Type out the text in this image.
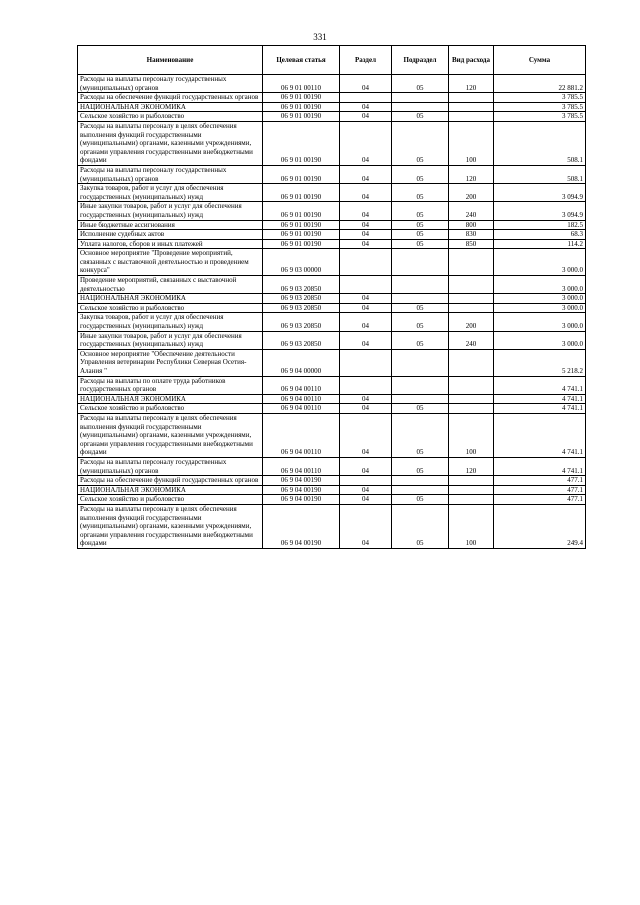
331
Наименование	Целевая статья	Раздел	Подраздел	Вид расхода	Сумма
Расходы на выплаты персоналу государственных (муниципальных) органов	06 9 01 00110	04	05	120	22 881.2
Расходы на обеспечение функций государственных органов	06 9 01 00190				3 785.5
НАЦИОНАЛЬНАЯ ЭКОНОМИКА	06 9 01 00190	04			3 785.5
Сельское хозяйство и рыболовство	06 9 01 00190	04	05		3 785.5
Расходы на выплаты персоналу в целях обеспечения выполнения функций государственными (муниципальными) органами, казенными учреждениями, органами управления государственными внебюджетными фондами	06 9 01 00190	04	05	100	508.1
Расходы на выплаты персоналу государственных (муниципальных) органов	06 9 01 00190	04	05	120	508.1
Закупка товаров, работ и услуг для обеспечения государственных (муниципальных) нужд	06 9 01 00190	04	05	200	3 094.9
Иные закупки товаров, работ и услуг для обеспечения государственных (муниципальных) нужд	06 9 01 00190	04	05	240	3 094.9
Иные бюджетные ассигнования	06 9 01 00190	04	05	800	182.5
Исполнение судебных актов	06 9 01 00190	04	05	830	68.3
Уплата налогов, сборов и иных платежей	06 9 01 00190	04	05	850	114.2
Основное мероприятие "Проведение мероприятий, связанных с выставочной деятельностью и проведением конкурса"	06 9 03 00000				3 000.0
Проведение мероприятий, связанных с выставочной деятельностью	06 9 03 20850				3 000.0
НАЦИОНАЛЬНАЯ ЭКОНОМИКА	06 9 03 20850	04			3 000.0
Сельское хозяйство и рыболовство	06 9 03 20850	04	05		3 000.0
Закупка товаров, работ и услуг для обеспечения государственных (муниципальных) нужд	06 9 03 20850	04	05	200	3 000.0
Иные закупки товаров, работ и услуг для обеспечения государственных (муниципальных) нужд	06 9 03 20850	04	05	240	3 000.0
Основное мероприятие "Обеспечение деятельности Управления ветеринарии Республики Северная Осетия-Алания "	06 9 04 00000				5 218.2
Расходы на выплаты по оплате труда работников государственных органов	06 9 04 00110				4 741.1
НАЦИОНАЛЬНАЯ ЭКОНОМИКА	06 9 04 00110	04			4 741.1
Сельское хозяйство и рыболовство	06 9 04 00110	04	05		4 741.1
Расходы на выплаты персоналу в целях обеспечения выполнения функций государственными (муниципальными) органами, казенными учреждениями, органами управления государственными внебюджетными фондами	06 9 04 00110	04	05	100	4 741.1
Расходы на выплаты персоналу государственных (муниципальных) органов	06 9 04 00110	04	05	120	4 741.1
Расходы на обеспечение функций государственных органов	06 9 04 00190				477.1
НАЦИОНАЛЬНАЯ ЭКОНОМИКА	06 9 04 00190	04			477.1
Сельское хозяйство и рыболовство	06 9 04 00190	04	05		477.1
Расходы на выплаты персоналу в целях обеспечения выполнения функций государственными (муниципальными) органами, казенными учреждениями, органами управления государственными внебюджетными фондами	06 9 04 00190	04	05	100	249.4
